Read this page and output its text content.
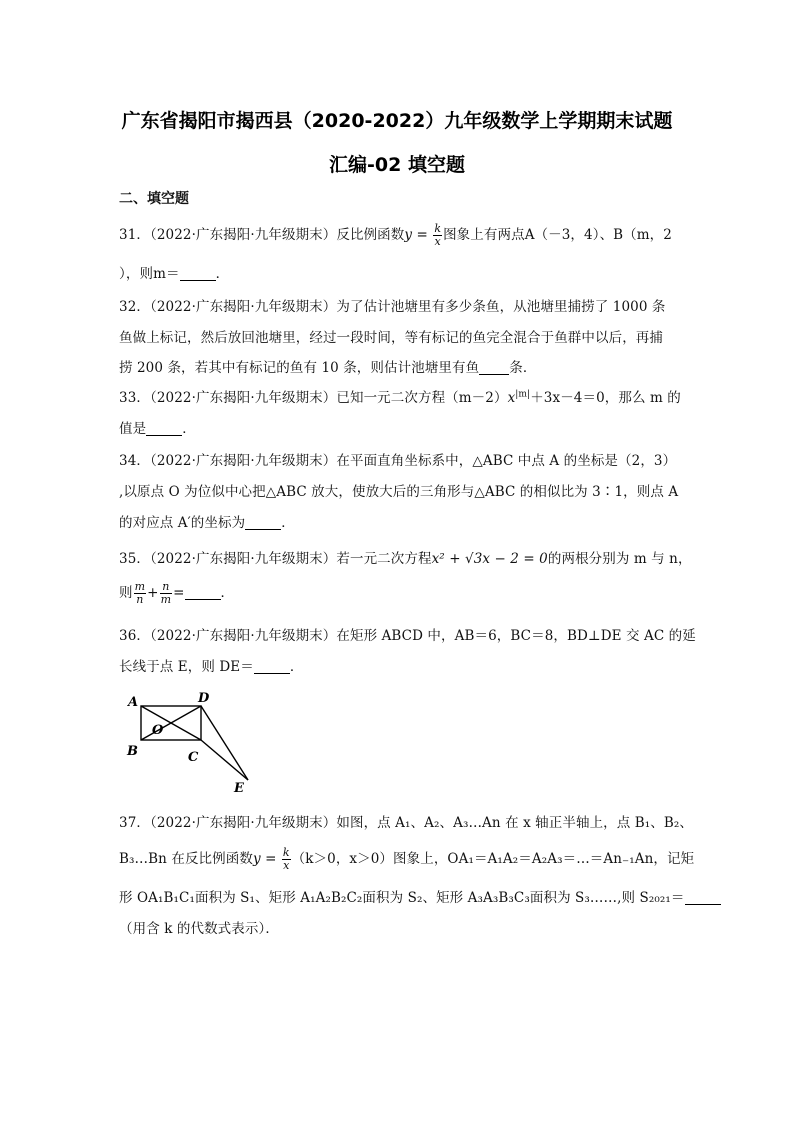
广东省揭阳市揭西县（2020-2022）九年级数学上学期期末试题
汇编-02 填空题
二、填空题
31．（2022·广东揭阳·九年级期末）反比例函数$y = \frac{k}{x}$ 图象上有两点A（－3，4）、B（m，2
），则m＝	．
32．（2022·广东揭阳·九年级期末）为了估计池塘里有多少条鱼，从池塘里捕捞了 1000 条
鱼做上标记，然后放回池塘里，经过一段时间，等有标记的鱼完全混合于鱼群中以后，再捕
捞 200 条，若其中有标记的鱼有 10 条，则估计池塘里有鱼 条．
33．（2022·广东揭阳·九年级期末）已知一元二次方程$(m-2)x^{|m|}+3x-4=0$，那么 m 的
值是	．
34．（2022·广东揭阳·九年级期末）在平面直角坐标系中，△ABC 中点 A 的坐标是（2，3）
,以原点 O 为位似中心把△ABC 放大，使放大后的三角形与△ABC 的相似比为 3∶1，则点 A
的对应点 A′的坐标为	．
35．（2022·广东揭阳·九年级期末）若一元二次方程x² + √3x − 2 = 0的两根分别为 m 与 n，
则 $\frac{m}{n} + \frac{n}{m}$ =	．
36．（2022·广东揭阳·九年级期末）在矩形 ABCD 中，AB＝6，BC＝8，BD⊥DE 交 AC 的延
长线于点 E，则 DE＝	．
A	D
O
B	C
E
37．（2022·广东揭阳·九年级期末）如图，点 A₁、A₂、A₃…An 在 x 轴正半轴上，点 B₁、B₂、
B₃…Bn 在反比例函数$y = \frac{k}{x} (k>0$，x＞0）图象上，OA₁＝A₁A₂＝A₂A₃＝…＝An₋₁An，记矩
形 OA₁B₁C₁面积为 S₁、矩形 A₁A₂B₂C₂面积为 S₂、矩形 A₃A₃B₃C₃面积为 S₃……,则 S₂₀₂₁＝
（用含 k 的代数式表示）．
